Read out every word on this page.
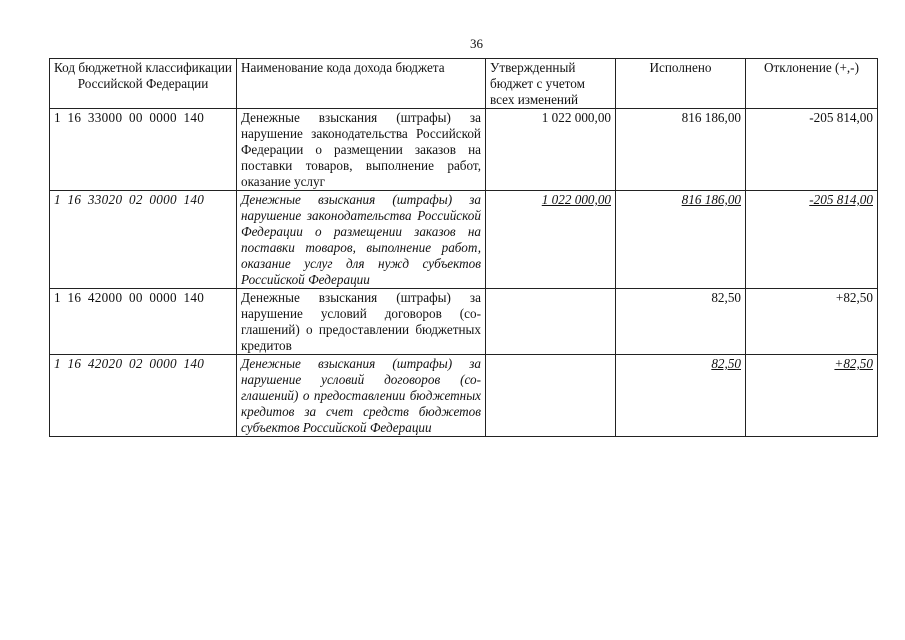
36
Код бюджетной классификации Российской Федерации	Наименование кода дохода бюджета	Утвержденный бюджет с учетом всех изменений	Исполнено	Отклонение (+,-)
1 16 33000 00 0000 140	Денежные взыскания (штрафы) за нарушение законодательства Российской Федерации о размещении заказов на поставки товаров, выполнение работ, оказание услуг	1 022 000,00	816 186,00	-205 814,00
1 16 33020 02 0000 140	Денежные взыскания (штрафы) за нарушение законодательства Российской Федерации о размещении заказов на поставки товаров, выполнение работ, оказание услуг для нужд субъектов Российской Федерации	1 022 000,00	816 186,00	-205 814,00
1 16 42000 00 0000 140	Денежные взыскания (штрафы) за нарушение условий договоров (соглашений) о предоставлении бюджетных кредитов		82,50	+82,50
1 16 42020 02 0000 140	Денежные взыскания (штрафы) за нарушение условий договоров (соглашений) о предоставлении бюджетных кредитов за счет средств бюджетов субъектов Российской Федерации		82,50	+82,50
